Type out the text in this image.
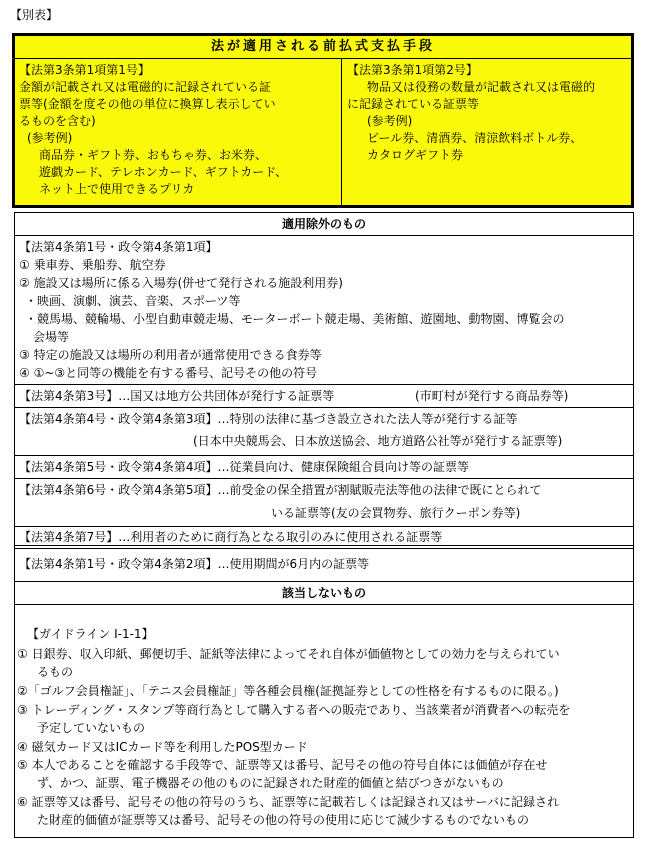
【別表】
法が適用される前払式支払手段
【法第3条第1項第1号】
金額が記載され又は電磁的に記録されている証
票等(金額を度その他の単位に換算し表示してい
るものを含む)
(参考例)
商品券・ギフト券、おもちゃ券、お米券、
遊戯カード、テレホンカード、ギフトカード、
ネット上で使用できるプリカ
【法第3条第1項第2号】
物品又は役務の数量が記載され又は電磁的
に記録されている証票等
(参考例)
ビール券、清酒券、清涼飲料ボトル券、
カタログギフト券
適用除外のもの
【法第4条第1号・政令第4条第1項】
① 乗車券、乗船券、航空券
② 施設又は場所に係る入場券(併せて発行される施設利用券)
・映画、演劇、演芸、音楽、スポーツ等
・競馬場、競輪場、小型自動車競走場、モーターボート競走場、美術館、遊園地、動物園、博覧会の
会場等
③ 特定の施設又は場所の利用者が通常使用できる食券等
④ ①~③と同等の機能を有する番号、記号その他の符号
【法第4条第3号】…国又は地方公共団体が発行する証票等	(市町村が発行する商品券等)
【法第4条第4号・政令第4条第3項】…特別の法律に基づき設立された法人等が発行する証等
(日本中央競馬会、日本放送協会、地方道路公社等が発行する証票等)
【法第4条第5号・政令第4条第4項】…従業員向け、健康保険組合員向け等の証票等
【法第4条第6号・政令第4条第5項】…前受金の保全措置が割賦販売法等他の法律で既にとられて
いる証票等(友の会買物券、旅行クーポン券等)
【法第4条第7号】…利用者のために商行為となる取引のみに使用される証票等
【法第4条第1号・政令第4条第2項】…使用期間が6月内の証票等
該当しないもの
【ガイドライン Ⅰ-1-1】
① 日銀券、収入印紙、郵便切手、証紙等法律によってそれ自体が価値物としての効力を与えられてい
るもの
②「ゴルフ会員権証」、「テニス会員権証」等各種会員権(証拠証券としての性格を有するものに限る。)
③ トレーディング・スタンプ等商行為として購入する者への販売であり、当該業者が消費者への転売を
予定していないもの
④ 磁気カード又はICカード等を利用したPOS型カード
⑤ 本人であることを確認する手段等で、証票等又は番号、記号その他の符号自体には価値が存在せ
ず、かつ、証票、電子機器その他のものに記録された財産的価値と結びつきがないもの
⑥ 証票等又は番号、記号その他の符号のうち、証票等に記載若しくは記録され又はサーバに記録され
た財産的価値が証票等又は番号、記号その他の符号の使用に応じて減少するものでないもの
